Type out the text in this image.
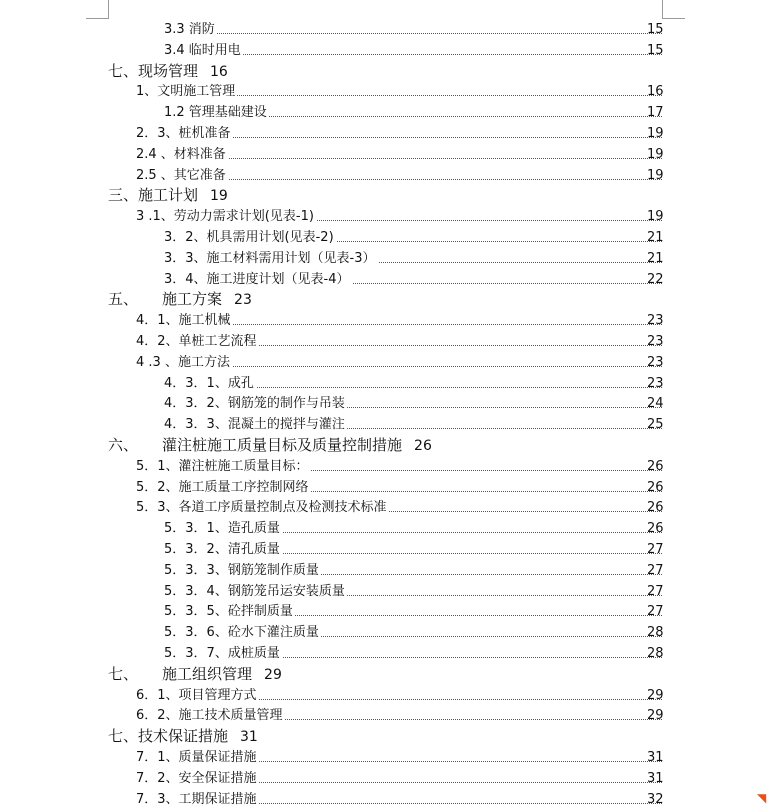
3.3 消防	15
3.4 临时用电	15
七、现场管理 16
1、文明施工管理	16
1.2 管理基础建设	17
2．3、桩机准备	19
2.4 、材料准备	19
2.5 、其它准备	19
三、施工计划 19
3 .1、劳动力需求计划(见表-1)	19
3．2、机具需用计划(见表-2)	21
3．3、施工材料需用计划（见表-3）	21
3．4、施工进度计划（见表-4）	22
五、 施工方案 23
4．1、施工机械	23
4．2、单桩工艺流程	23
4 .3 、施工方法	23
4．3．1、成孔	23
4．3．2、钢筋笼的制作与吊装	24
4．3．3、混凝土的搅拌与灌注	25
六、 灌注桩施工质量目标及质量控制措施 26
5．1、灌注桩施工质量目标：	26
5．2、施工质量工序控制网络	26
5．3、各道工序质量控制点及检测技术标准	26
5．3．1、造孔质量	26
5．3．2、清孔质量	27
5．3．3、钢筋笼制作质量	27
5．3．4、钢筋笼吊运安装质量	27
5．3．5、砼拌制质量	27
5．3．6、砼水下灌注质量	28
5．3．7、成桩质量	28
七、 施工组织管理 29
6．1、项目管理方式	29
6．2、施工技术质量管理	29
七、技术保证措施 31
7．1、质量保证措施	31
7．2、安全保证措施	31
7．3、工期保证措施	32	◥
